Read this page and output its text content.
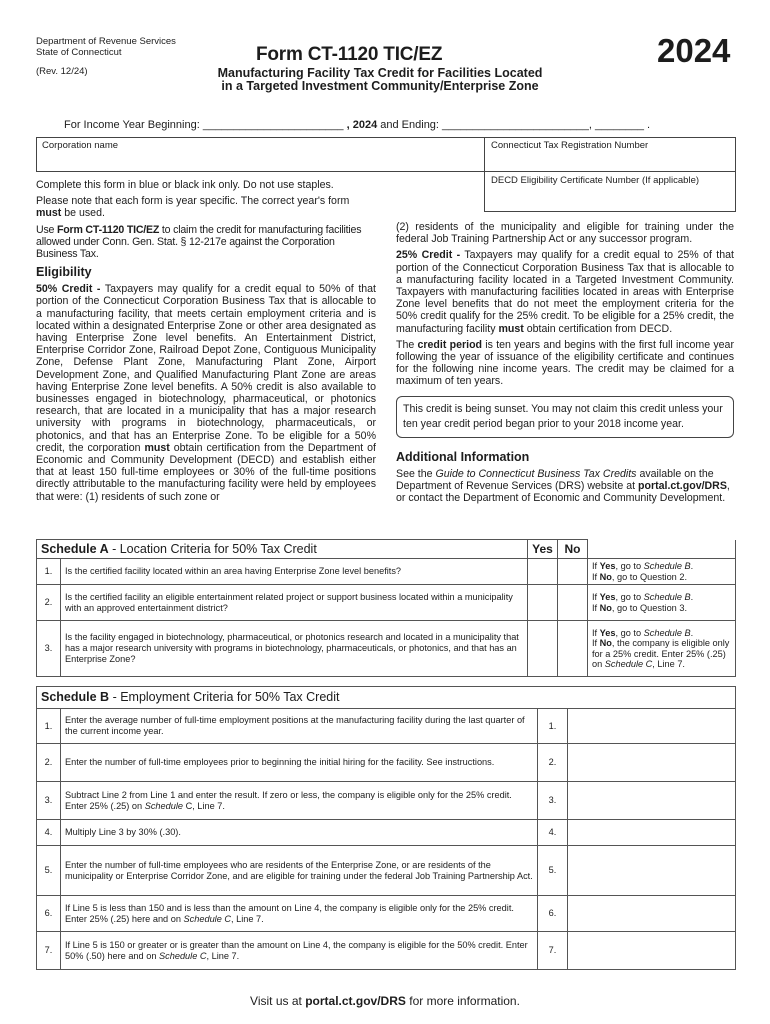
Department of Revenue Services
State of Connecticut
(Rev. 12/24)
Form CT-1120 TIC/EZ	2024
Manufacturing Facility Tax Credit for Facilities Located
in a Targeted Investment Community/Enterprise Zone
For Income Year Beginning: _______________________ , 2024 and Ending: ________________________, ________ .
Corporation name	Connecticut Tax Registration Number
DECD Eligibility Certificate Number (If applicable)

Complete this form in blue or black ink only. Do not use staples.

Please note that each form is year specific. The correct year's form must be used.

Use Form CT-1120 TIC/EZ to claim the credit for manufacturing facilities allowed under Conn. Gen. Stat. § 12-217e against the Corporation Business Tax.

Eligibility

50% Credit - Taxpayers may qualify for a credit equal to 50% of that portion of the Connecticut Corporation Business Tax that is allocable to a manufacturing facility, that meets certain employment criteria and is located within a designated Enterprise Zone or other area designated as having Enterprise Zone level benefits. An Entertainment District, Enterprise Corridor Zone, Railroad Depot Zone, Contiguous Municipality Zone, Defense Plant Zone, Manufacturing Plant Zone, Airport Development Zone, and Qualified Manufacturing Plant Zone are areas having Enterprise Zone level benefits. A 50% credit is also available to businesses engaged in biotechnology, pharmaceutical, or photonics research, that are located in a municipality that has a major research university with programs in biotechnology, pharmaceuticals, or photonics, and that has an Enterprise Zone. To be eligible for a 50% credit, the corporation must obtain certification from the Department of Economic and Community Development (DECD) and establish either that at least 150 full-time employees or 30% of the full-time positions directly attributable to the manufacturing facility were held by employees that were: (1) residents of such zone or

(2) residents of the municipality and eligible for training under the federal Job Training Partnership Act or any successor program.

25% Credit - Taxpayers may qualify for a credit equal to 25% of that portion of the Connecticut Corporation Business Tax that is allocable to a manufacturing facility located in a Targeted Investment Community. Taxpayers with manufacturing facilities located in areas with Enterprise Zone level benefits that do not meet the employment criteria for the 50% credit qualify for the 25% credit. To be eligible for a 25% credit, the manufacturing facility must obtain certification from DECD.

The credit period is ten years and begins with the first full income year following the year of issuance of the eligibility certificate and continues for the following nine income years. The credit may be claimed for a maximum of ten years.

This credit is being sunset. You may not claim this credit unless your ten year credit period began prior to your 2018 income year.
Additional Information

See the Guide to Connecticut Business Tax Credits available on the Department of Revenue Services (DRS) website at portal.ct.gov/DRS, or contact the Department of Economic and Community Development.

Schedule A - Location Criteria for 50% Tax Credit		Yes	No	
1.	Is the certified facility located within an area having Enterprise Zone level benefits?			If Yes, go to Schedule B.
If No, go to Question 2.
2.	Is the certified facility an eligible entertainment related project or support business located within a municipality with an approved entertainment district?			If Yes, go to Schedule B.
If No, go to Question 3.
3.	Is the facility engaged in biotechnology, pharmaceutical, or photonics research and located in a municipality that has a major research university with programs in biotechnology, pharmaceuticals, or photonics, and that has an Enterprise Zone?			If Yes, go to Schedule B.
If No, the company is eligible only for a 25% credit. Enter 25% (.25) on Schedule C, Line 7.
Schedule B - Employment Criteria for 50% Tax Credit			
1.	Enter the average number of full-time employment positions at the manufacturing facility during the last quarter of the current income year.	1.	
2.	Enter the number of full-time employees prior to beginning the initial hiring for the facility. See instructions.	2.	
3.	Subtract Line 2 from Line 1 and enter the result. If zero or less, the company is eligible only for the 25% credit. Enter 25% (.25) on Schedule C, Line 7.	3.	
4.	Multiply Line 3 by 30% (.30).	4.	
5.	Enter the number of full-time employees who are residents of the Enterprise Zone, or are residents of the municipality or Enterprise Corridor Zone, and are eligible for training under the federal Job Training Partnership Act.	5.	
6.	If Line 5 is less than 150 and is less than the amount on Line 4, the company is eligible only for the 25% credit. Enter 25% (.25) here and on Schedule C, Line 7.	6.	
7.	If Line 5 is 150 or greater or is greater than the amount on Line 4, the company is eligible for the 50% credit. Enter 50% (.50) here and on Schedule C, Line 7.	7.	
Visit us at portal.ct.gov/DRS for more information.
